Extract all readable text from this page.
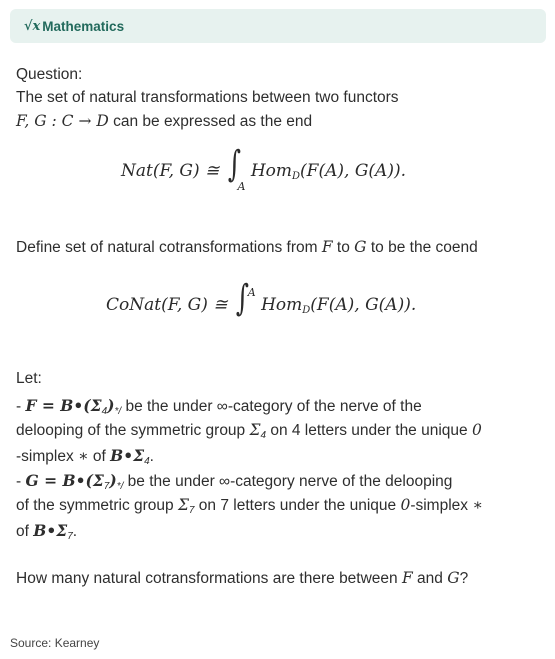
√x Mathematics
Question:
The set of natural transformations between two functors
F, G : C → D can be expressed as the end
Nat(F, G) ≅ $\int_A$ Hom$_D$(F(A), G(A)).
Define set of natural cotransformations from F to G to be the coend
CoNat(F, G) ≅ ∫$^A$ Hom$_D$(F(A), G(A)).
Let:
- $F = B•(\Sigma_4)_{*/}$ be the under ∞-category of the nerve of the
delooping of the symmetric group $\Sigma_4$ on 4 letters under the unique 0
-simplex ∗ of $B•\Sigma_4$.
- $G = B•(\Sigma_7)_{*/}$ be the under ∞-category nerve of the delooping
of the symmetric group $\Sigma_7$ on 7 letters under the unique 0-simplex ∗
of $B•\Sigma_7$.
How many natural cotransformations are there between F and G?
Source: Kearney
